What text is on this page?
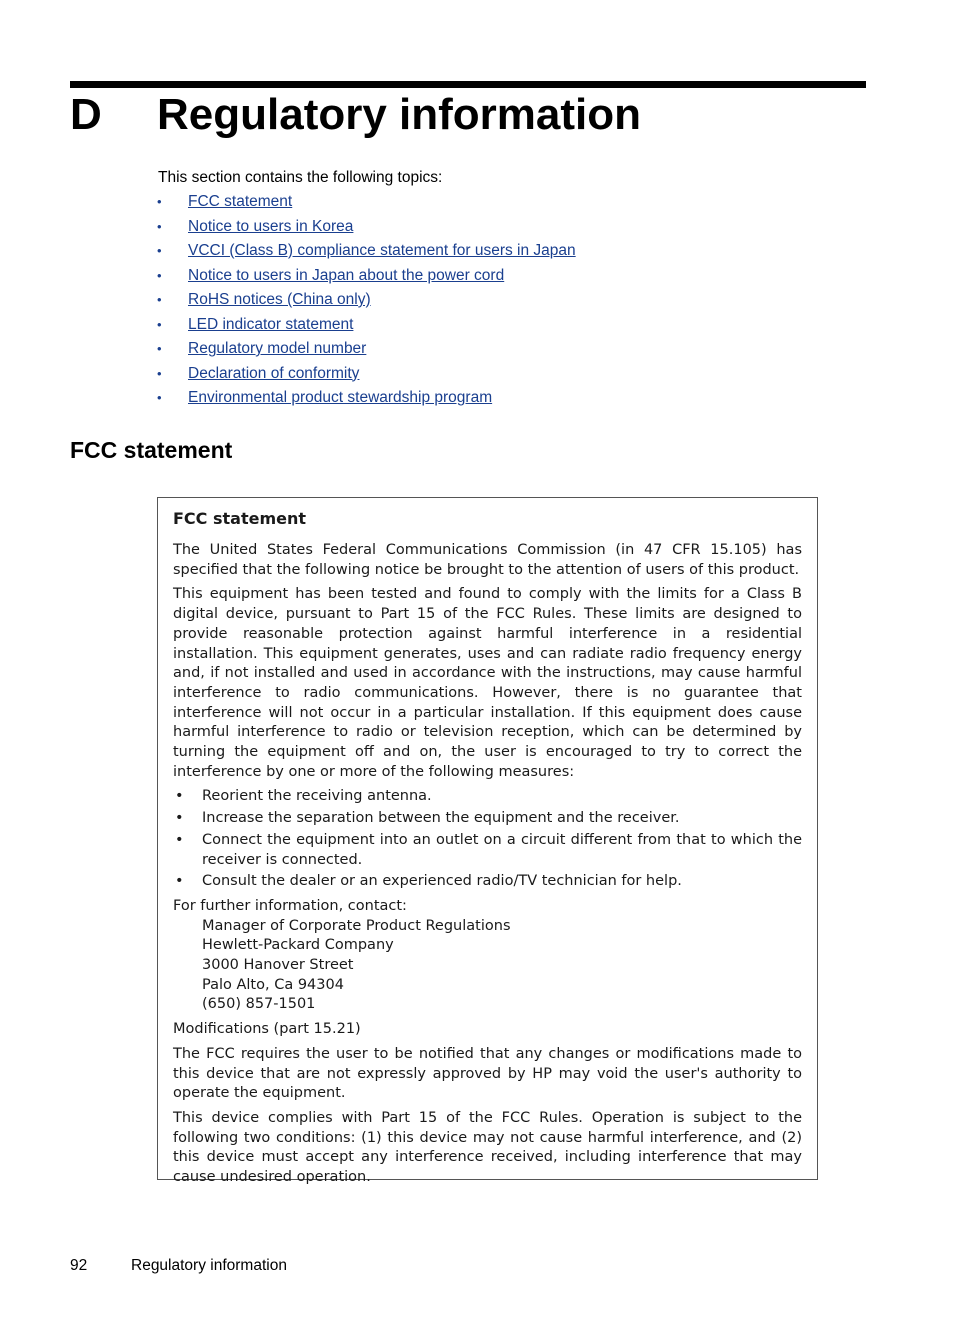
D Regulatory information
This section contains the following topics:
• FCC statement
• Notice to users in Korea
• VCCI (Class B) compliance statement for users in Japan
• Notice to users in Japan about the power cord
• RoHS notices (China only)
• LED indicator statement
• Regulatory model number
• Declaration of conformity
• Environmental product stewardship program
FCC statement
FCC statement

The United States Federal Communications Commission (in 47 CFR 15.105) has specified that the following notice be brought to the attention of users of this product.

This equipment has been tested and found to comply with the limits for a Class B digital device, pursuant to Part 15 of the FCC Rules. These limits are designed to provide reasonable protection against harmful interference in a residential installation. This equipment generates, uses and can radiate radio frequency energy and, if not installed and used in accordance with the instructions, may cause harmful interference to radio communications. However, there is no guarantee that interference will not occur in a particular installation. If this equipment does cause harmful interference to radio or television reception, which can be determined by turning the equipment off and on, the user is encouraged to try to correct the interference by one or more of the following measures:

• Reorient the receiving antenna.
• Increase the separation between the equipment and the receiver.
• Connect the equipment into an outlet on a circuit different from that to which the receiver is connected.
• Consult the dealer or an experienced radio/TV technician for help.

For further information, contact:

Manager of Corporate Product Regulations
Hewlett-Packard Company
3000 Hanover Street
Palo Alto, Ca 94304
(650) 857-1501

Modifications (part 15.21)

The FCC requires the user to be notified that any changes or modifications made to this device that are not expressly approved by HP may void the user's authority to operate the equipment.

This device complies with Part 15 of the FCC Rules. Operation is subject to the following two conditions: (1) this device may not cause harmful interference, and (2) this device must accept any interference received, including interference that may cause undesired operation.

92	Regulatory information
